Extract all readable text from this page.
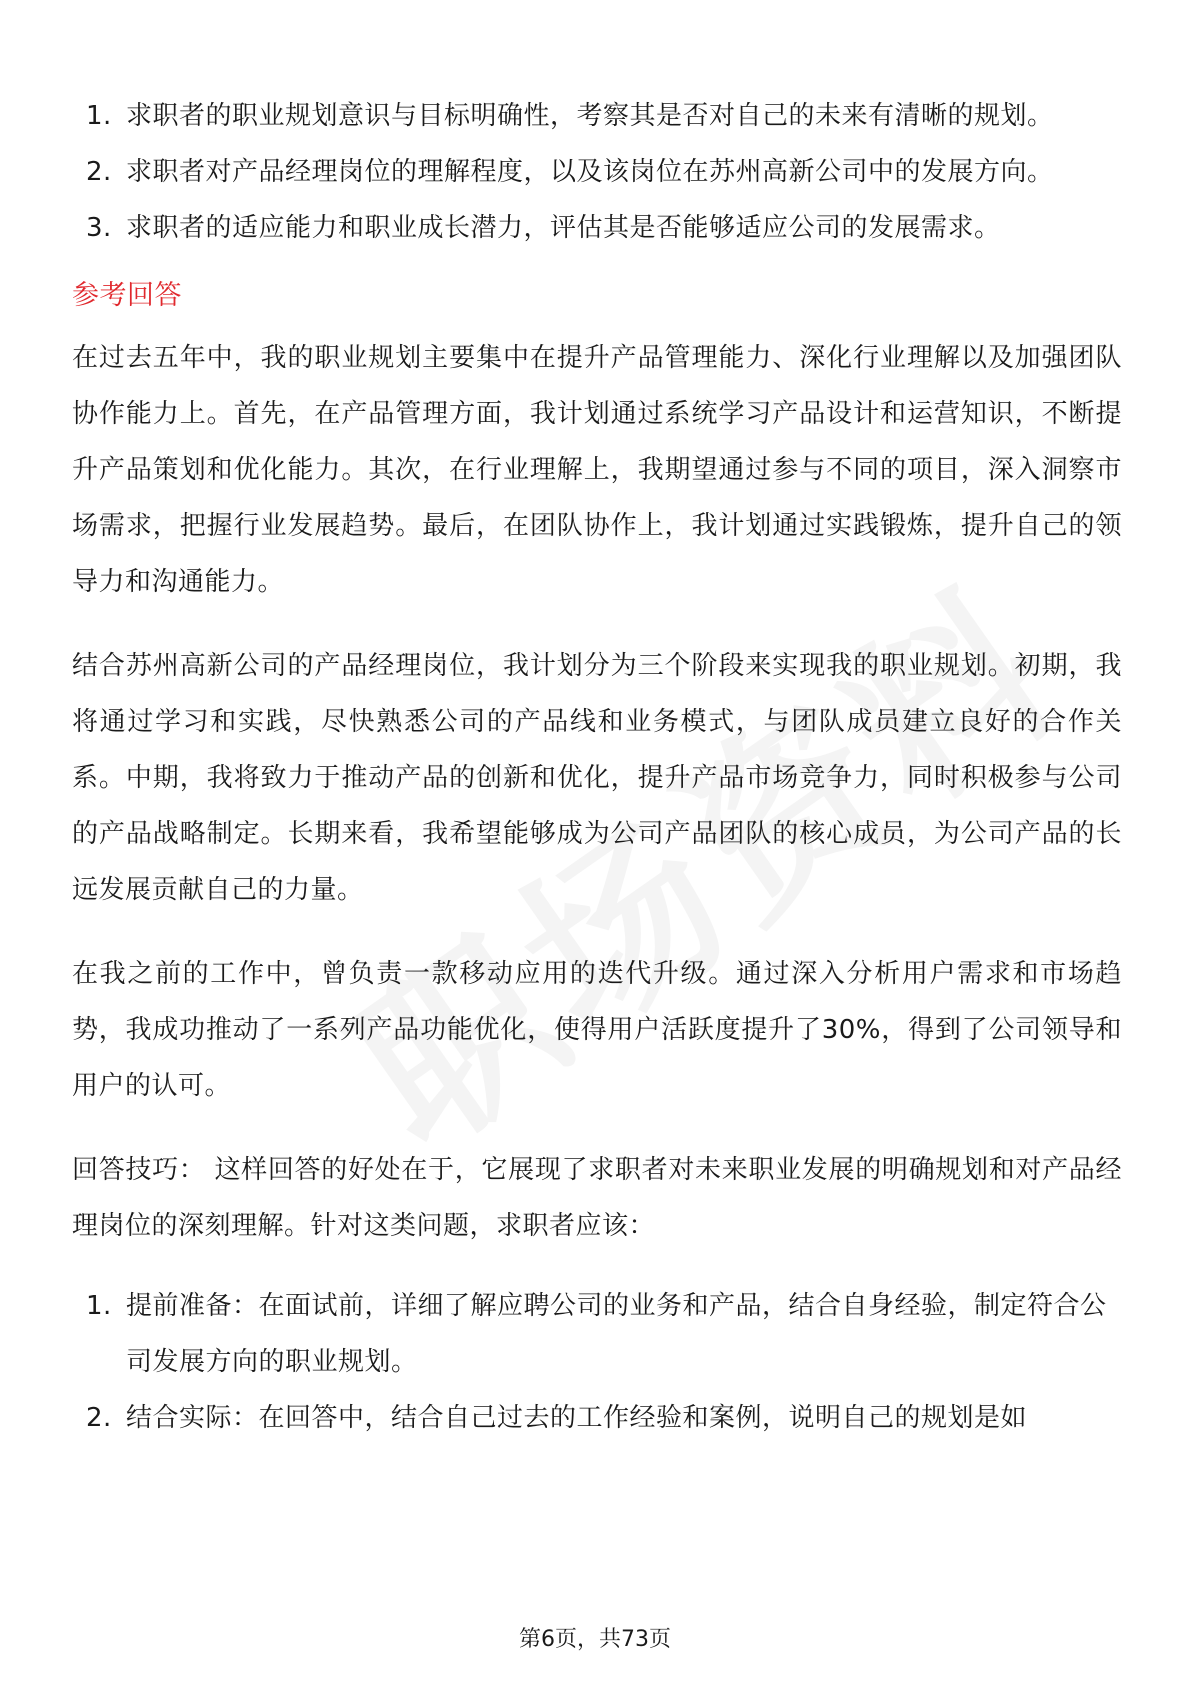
1. 求职者的职业规划意识与目标明确性，考察其是否对自己的未来有清晰的规划。
2. 求职者对产品经理岗位的理解程度，以及该岗位在苏州高新公司中的发展方向。
3. 求职者的适应能力和职业成长潜力，评估其是否能够适应公司的发展需求。
参考回答

在过去五年中，我的职业规划主要集中在提升产品管理能力、深化行业理解以及加强团队协作能力上。首先，在产品管理方面，我计划通过系统学习产品设计和运营知识，不断提升产品策划和优化能力。其次，在行业理解上，我期望通过参与不同的项目，深入洞察市场需求，把握行业发展趋势。最后，在团队协作上，我计划通过实践锻炼，提升自己的领导力和沟通能力。

结合苏州高新公司的产品经理岗位，我计划分为三个阶段来实现我的职业规划。初期，我将通过学习和实践，尽快熟悉公司的产品线和业务模式，与团队成员建立良好的合作关系。中期，我将致力于推动产品的创新和优化，提升产品市场竞争力，同时积极参与公司的产品战略制定。长期来看，我希望能够成为公司产品团队的核心成员，为公司产品的长远发展贡献自己的力量。

在我之前的工作中，曾负责一款移动应用的迭代升级。通过深入分析用户需求和市场趋势，我成功推动了一系列产品功能优化，使得用户活跃度提升了30%，得到了公司领导和用户的认可。

回答技巧： 这样回答的好处在于，它展现了求职者对未来职业发展的明确规划和对产品经理岗位的深刻理解。针对这类问题，求职者应该：

1. 提前准备：在面试前，详细了解应聘公司的业务和产品，结合自身经验，制定符合公司发展方向的职业规划。
2. 结合实际：在回答中，结合自己过去的工作经验和案例，说明自己的规划是如
第6页，共73页
